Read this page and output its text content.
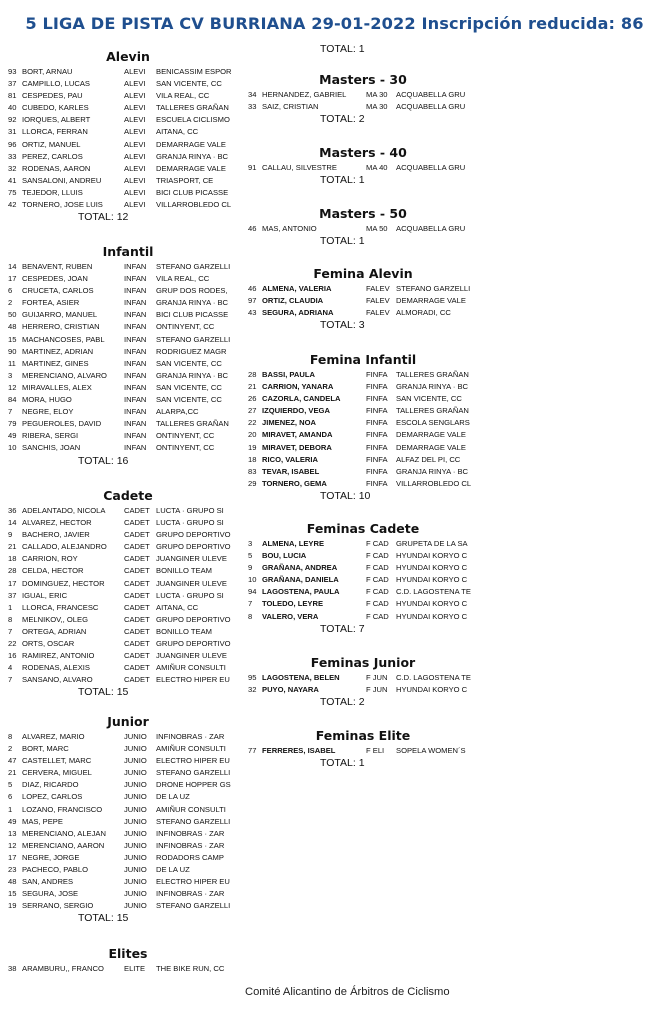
5 LIGA DE PISTA CV BURRIANA 29-01-2022 Inscripción reducida: 86
Alevin
93 BORT, ARNAU	ALEVI	BENICASSIM ESPOR
37 CAMPILLO, LUCAS	ALEVI	SAN VICENTE, CC
81 CESPEDES, PAU	ALEVI	VILA REAL, CC
40 CUBEDO, KARLES	ALEVI	TALLERES GRAÑAN
92 IORQUES, ALBERT	ALEVI	ESCUELA CICLISMO
31 LLORCA, FERRAN	ALEVI	AITANA, CC
96 ORTIZ, MANUEL	ALEVI	DEMARRAGE VALE
33 PEREZ, CARLOS	ALEVI	GRANJA RINYA · BC
32 RODENAS, AARON	ALEVI	DEMARRAGE VALE
41 SANSALONI, ANDREU	ALEVI	TRIASPORT, CE
75 TEJEDOR, LLUIS	ALEVI	BICI CLUB PICASSE
42 TORNERO, JOSE LUIS	ALEVI	VILLARROBLEDO CL
TOTAL: 12
Infantil
14 BENAVENT, RUBEN	INFAN	STEFANO GARZELLI
17 CESPEDES, JOAN	INFAN	VILA REAL, CC
6	CRUCETA, CARLOS	INFAN	GRUP DOS RODES,
2	FORTEA, ASIER	INFAN	GRANJA RINYA · BC
50 GUIJARRO, MANUEL	INFAN	BICI CLUB PICASSE
48 HERRERO, CRISTIAN	INFAN	ONTINYENT, CC
15 MACHANCOSES, PABL	INFAN	STEFANO GARZELLI
90 MARTINEZ, ADRIAN	INFAN	RODRIGUEZ MAGR
11 MARTINEZ, GINES	INFAN	SAN VICENTE, CC
3	MERENCIANO, ALVARO	INFAN	GRANJA RINYA · BC
12 MIRAVALLES, ALEX	INFAN	SAN VICENTE, CC
84 MORA, HUGO	INFAN	SAN VICENTE, CC
7	NEGRE, ELOY	INFAN	ALARPA,CC
79 PEGUEROLES, DAVID	INFAN	TALLERES GRAÑAN
49 RIBERA, SERGI	INFAN	ONTINYENT, CC
10 SANCHIS, JOAN	INFAN	ONTINYENT, CC
TOTAL: 16
Cadete
36 ADELANTADO, NICOLA	CADET LUCTA · GRUPO SI
14 ALVAREZ, HECTOR	CADET LUCTA · GRUPO SI
9	BACHERO, JAVIER	CADET GRUPO DEPORTIVO
21 CALLADO, ALEJANDRO	CADET GRUPO DEPORTIVO
18 CARRION, ROY	CADET JUANGINER ULEVE
28 CELDA, HECTOR	CADET BONILLO TEAM
17 DOMINGUEZ, HECTOR	CADET JUANGINER ULEVE
37 IGUAL, ERIC	CADET LUCTA · GRUPO SI
1	LLORCA, FRANCESC	CADET AITANA, CC
8	MELNIKOV,, OLEG	CADET GRUPO DEPORTIVO
7	ORTEGA, ADRIAN	CADET BONILLO TEAM
22 ORTS, OSCAR	CADET GRUPO DEPORTIVO
16 RAMIREZ, ANTONIO	CADET JUANGINER ULEVE
4	RODENAS, ALEXIS	CADET AMIÑUR CONSULTI
7	SANSANO, ALVARO	CADET ELECTRO HIPER EU
TOTAL: 15
Junior
8	ALVAREZ, MARIO	JUNIO	INFINOBRAS · ZAR
2	BORT, MARC	JUNIO	AMIÑUR CONSULTI
47 CASTELLET, MARC	JUNIO	ELECTRO HIPER EU
21 CERVERA, MIGUEL	JUNIO	STEFANO GARZELLI
5	DIAZ, RICARDO	JUNIO	DRONE HOPPER GS
6	LOPEZ, CARLOS	JUNIO	DE LA UZ
1	LOZANO, FRANCISCO	JUNIO	AMIÑUR CONSULTI
49 MAS, PEPE	JUNIO	STEFANO GARZELLI
13 MERENCIANO, ALEJAN	JUNIO	INFINOBRAS · ZAR
12 MERENCIANO, AARON	JUNIO	INFINOBRAS · ZAR
17 NEGRE, JORGE	JUNIO	RODADORS CAMP
23 PACHECO, PABLO	JUNIO	DE LA UZ
48 SAN, ANDRES	JUNIO	ELECTRO HIPER EU
15 SEGURA, JOSE	JUNIO	INFINOBRAS · ZAR
19 SERRANO, SERGIO	JUNIO	STEFANO GARZELLI
TOTAL: 15
Elites
38 ARAMBURU,, FRANCO	ELITE	THE BIKE RUN, CC
TOTAL: 1
Masters - 30
34 HERNANDEZ, GABRIEL	MA 30	ACQUABELLA GRU
33 SAIZ, CRISTIAN	MA 30	ACQUABELLA GRU
TOTAL: 2
Masters - 40
91 CALLAU, SILVESTRE	MA 40	ACQUABELLA GRU
TOTAL: 1
Masters - 50
46 MAS, ANTONIO	MA 50	ACQUABELLA GRU
TOTAL: 1
Femina Alevin
46 ALMENA, VALERIA	FALEV STEFANO GARZELLI
97 ORTIZ, CLAUDIA	FALEV DEMARRAGE VALE
43 SEGURA, ADRIANA	FALEV ALMORADI, CC
TOTAL: 3
Femina Infantil
28 BASSI, PAULA	FINFA	TALLERES GRAÑAN
21 CARRION, YANARA	FINFA	GRANJA RINYA · BC
26 CAZORLA, CANDELA	FINFA	SAN VICENTE, CC
27 IZQUIERDO, VEGA	FINFA	TALLERES GRAÑAN
22 JIMENEZ, NOA	FINFA	ESCOLA SENGLARS
20 MIRAVET, AMANDA	FINFA	DEMARRAGE VALE
19 MIRAVET, DEBORA	FINFA	DEMARRAGE VALE
18 RICO, VALERIA	FINFA	ALFAZ DEL PI, CC
83 TEVAR, ISABEL	FINFA	GRANJA RINYA · BC
29 TORNERO, GEMA	FINFA	VILLARROBLEDO CL
TOTAL: 10
Feminas Cadete
3	ALMENA, LEYRE	F CAD GRUPETA DE LA SA
5	BOU, LUCIA	F CAD HYUNDAI KORYO C
9	GRAÑANA, ANDREA	F CAD HYUNDAI KORYO C
10 GRAÑANA, DANIELA	F CAD HYUNDAI KORYO C
94 LAGOSTENA, PAULA	F CAD C.D. LAGOSTENA TE
7	TOLEDO, LEYRE	F CAD HYUNDAI KORYO C
8	VALERO, VERA	F CAD HYUNDAI KORYO C
TOTAL: 7
Feminas Junior
95 LAGOSTENA, BELEN	F JUN	C.D. LAGOSTENA TE
32 PUYO, NAYARA	F JUN	HYUNDAI KORYO C
TOTAL: 2
Feminas Elite
77 FERRERES, ISABEL	F ELI	SOPELA WOMEN´S
TOTAL: 1
Comité Alicantino de Árbitros de Ciclismo
